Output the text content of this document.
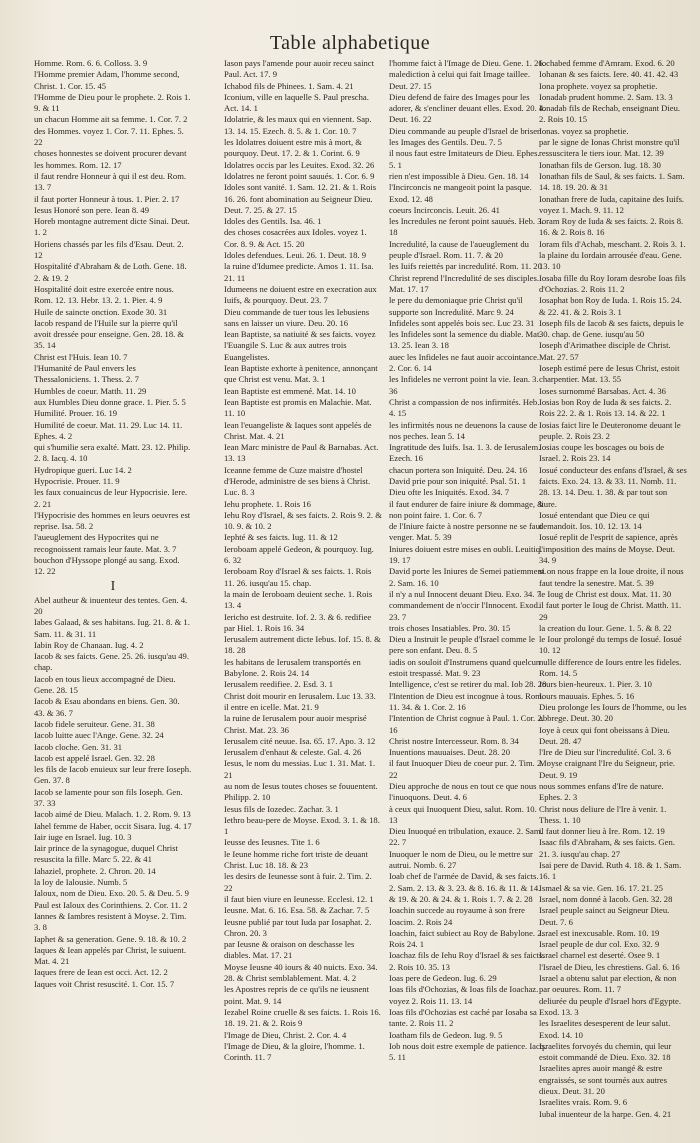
Table alphabetique
Homme. Rom. 6. 6. Colloss. 3. 9
l'Homme premier Adam, l'homme second, Christ. 1. Cor. 15. 45
l'Homme de Dieu pour le prophete. 2. Rois 1. 9. & 11
un chacun Homme ait sa femme. 1. Cor. 7. 2
des Hommes. voyez 1. Cor. 7. 11. Ephes. 5. 22
choses honnestes se doivent procurer devant les hommes. Rom. 12. 17
il faut rendre Honneur à qui il est deu. Rom. 13. 7
il faut porter Honneur à tous. 1. Pier. 2. 17
Iesus Honoré son pere. Iean 8. 49
Horeb montagne autrement dicte Sinai. Deut. 1. 2
Horiens chassés par les fils d'Esau. Deut. 2. 12
Hospitalité d'Abraham & de Loth. Gene. 18. 2. & 19. 2
Hospitalité doit estre exercée entre nous. Rom. 12. 13. Hebr. 13. 2. 1. Pier. 4. 9
Huile de saincte onction. Exode 30. 31
Iacob respand de l'Huile sur la pierre qu'il avoit dressée pour enseigne. Gen. 28. 18. & 35. 14
Christ est l'Huis. Iean 10. 7
l'Humanité de Paul envers les Thessaloniciens. 1. Thess. 2. 7
Humbles de coeur. Matth. 11. 29
aux Humbles Dieu donne grace. 1. Pier. 5. 5
Humilité. Prouer. 16. 19
Humilité de coeur. Mat. 11. 29. Luc 14. 11. Ephes. 4. 2
qui s'humilie sera exalté. Matt. 23. 12. Philip. 2. 8. Iacq. 4. 10
Hydropique gueri. Luc 14. 2
Hypocrisie. Prouer. 11. 9
les faux conuaincus de leur Hypocrisie. Iere. 2. 21
l'Hypocrisie des hommes en leurs oeuvres est reprise. Isa. 58. 2
l'aueuglement des Hypocrites qui ne recognoissent ramais leur faute. Mat. 3. 7
bouchon d'Hyssope plongé au sang. Exod. 12. 22
I
Abel autheur & inuenteur des tentes. Gen. 4. 20
Iabes Galaad, & ses habitans. Iug. 21. 8. & 1. Sam. 11. & 31. 11
Iabin Roy de Chanaan. Iug. 4. 2
Iacob & ses faicts. Gene. 25. 26. iusqu'au 49. chap.
Iacob en tous lieux accompagné de Dieu. Gene. 28. 15
Iacob & Esau abondans en biens. Gen. 30. 43. & 36. 7
Iacob fidele seruiteur. Gene. 31. 38
Iacob luitte auec l'Ange. Gene. 32. 24
Iacob cloche. Gen. 31. 31
Iacob est appelé Israel. Gen. 32. 28
les fils de Iacob enuieux sur leur frere Ioseph. Gen. 37. 8
Iacob se lamente pour son fils Ioseph. Gen. 37. 33
Iacob aimé de Dieu. Malach. 1. 2. Rom. 9. 13
Iahel femme de Haber, occit Sisara. Iug. 4. 17
Iair iuge en Israel. Iug. 10. 3
Iair prince de la synagogue, duquel Christ resuscita la fille. Marc 5. 22. & 41
Iahaziel, prophete. 2. Chron. 20. 14
la loy de Ialousie. Numb. 5
Ialoux, nom de Dieu. Exo. 20. 5. & Deu. 5. 9
Paul est Ialoux des Corinthiens. 2. Cor. 11. 2
Iannes & Iambres resistent à Moyse. 2. Tim. 3. 8
Iaphet & sa generation. Gene. 9. 18. & 10. 2
Iaques & Iean appelés par Christ, le suiuent. Mat. 4. 21
Iaques frere de Iean est occi. Act. 12. 2
Iaques voit Christ resuscité. 1. Cor. 15. 7
Iason pays l'amende pour auoir receu sainct Paul. Act. 17. 9
Ichabod fils de Phinees. 1. Sam. 4. 21
Iconium, ville en laquelle S. Paul prescha. Act. 14. 1
Idolatrie, & les maux qui en viennent. Sap. 13. 14. 15. Ezech. 8. 5. & 1. Cor. 10. 7
les Idolatres doiuent estre mis à mort, & pourquoy. Deut. 17. 2. & 1. Corint. 6. 9
Idolatres occis par les Leuites. Exod. 32. 26
Idolatres ne feront point sauués. 1. Cor. 6. 9
Idoles sont vanité. 1. Sam. 12. 21. & 1. Rois 16. 26. font abomination au Seigneur Dieu. Deut. 7. 25. & 27. 15
Idoles des Gentils. Isa. 46. 1
des choses cosacrées aux Idoles. voyez 1. Cor. 8. 9. & Act. 15. 20
Idoles defendues. Leui. 26. 1. Deut. 18. 9
la ruine d'Idumee predicte. Amos 1. 11. Isa. 21. 11
Idumeens ne doiuent estre en execration aux Iuifs, & pourquoy. Deut. 23. 7
Dieu commande de tuer tous les Iebusiens sans en laisser un viure. Deu. 20. 16
Iean Baptiste, sa natiuité & ses faicts. voyez l'Euangile S. Luc & aux autres trois Euangelistes.
Iean Baptiste exhorte à penitence, annonçant que Christ est venu. Mat. 3. 1
Iean Baptiste est emmené. Mat. 14. 10
Iean Baptiste est promis en Malachie. Mat. 11. 10
Iean l'euangeliste & Iaques sont appelés de Christ. Mat. 4. 21
Iean Marc ministre de Paul & Barnabas. Act. 13. 13
Iceanne femme de Cuze maistre d'hostel d'Herode, administre de ses biens à Christ. Luc. 8. 3
Iehu prophete. 1. Rois 16
Iehu Roy d'Israel, & ses faicts. 2. Rois 9. 2. & 10. 9. & 10. 2
Iephté & ses faicts. Iug. 11. & 12
Ieroboam appelé Gedeon, & pourquoy. Iug. 6. 32
Ieroboam Roy d'Israel & ses faicts. 1. Rois 11. 26. iusqu'au 15. chap.
la main de Ieroboam deuient seche. 1. Rois 13. 4
Iericho est destruite. Iof. 2. 3. & 6. redifiee par Hiel. 1. Rois 16. 34
Ierusalem autrement dicte Iebus. Iof. 15. 8. & 18. 28
les habitans de Ierusalem transportés en Babylone. 2. Rois 24. 14
Ierusalem reedifiee. 2. Esd. 3. 1
Christ doit mourir en Ierusalem. Luc 13. 33. il entre en icelle. Mat. 21. 9
la ruine de Ierusalem pour auoir mesprisé Christ. Mat. 23. 36
Ierusalem cité neuue. Isa. 65. 17. Apo. 3. 12
Ierusalem d'enhaut & celeste. Gal. 4. 26
Iesus, le nom du messias. Luc 1. 31. Mat. 1. 21
au nom de Iesus toutes choses se fouuentent. Philipp. 2. 10
Iesus fils de Iozedec. Zachar. 3. 1
Iethro beau-pere de Moyse. Exod. 3. 1. & 18. 1
Ieusse des Ieusnes. Tite 1. 6
le Ieune homme riche fort triste de deuant Christ. Luc 18. 18. & 23
les desirs de Ieunesse sont à fuir. 2. Tim. 2. 22
il faut bien viure en Ieunesse. Ecclesi. 12. 1
Ieusne. Mat. 6. 16. Esa. 58. & Zachar. 7. 5
Ieusne publié par tout Iuda par Iosaphat. 2. Chron. 20. 3
par Ieusne & oraison on deschasse les diables. Mat. 17. 21
Moyse Ieusne 40 iours & 40 nuicts. Exo. 34. 28. & Christ semblablement. Mat. 4. 2
les Apostres repris de ce qu'ils ne ieusnent point. Mat. 9. 14
Iezabel Roine cruelle & ses faicts. 1. Rois 16. 18. 19. 21. & 2. Rois 9
l'Image de Dieu, Christ. 2. Cor. 4. 4
l'Image de Dieu, & la gloire, l'homme. 1. Corinth. 11. 7
l'homme faict à l'Image de Dieu. Gene. 1. 26. malediction à celui qui fait Image taillee. Deut. 27. 15
Dieu defend de faire des Images pour les adorer, & s'encliner deuant elles. Exod. 20. 4. Deut. 16. 22
Dieu commande au peuple d'Israel de briser les Images des Gentils. Deu. 7. 5
il nous faut estre Imitateurs de Dieu. Ephes. 5. 1
rien n'est impossible à Dieu. Gen. 18. 14
l'Incirconcis ne mangeoit point la pasque. Exod. 12. 48
coeurs Incirconcis. Leuit. 26. 41
les Incredules ne feront point sauués. Heb. 3. 18
Incredulité, la cause de l'aueuglement du peuple d'Israel. Rom. 11. 7. & 20
les Iuifs reiettés par incredulité. Rom. 11. 20
Christ reprend l'Incredulité de ses disciples. Mat. 17. 17
le pere du demoniaque prie Christ qu'il supporte son Incredulité. Marc 9. 24
Infideles sont appelés bois sec. Luc 23. 31
les Infideles sont la semence du diable. Mat. 13. 25. Iean 3. 18
auec les Infideles ne faut auoir accointance. 2. Cor. 6. 14
les Infideles ne verront point la vie. Iean. 3. 36
Christ a compassion de nos infirmités. Heb. 4. 15
les infirmités nous ne deuenons la cause de nos peches. Iean 5. 14
Ingratitude des Iuifs. Isa. 1. 3. de Ierusalem. Ezech. 16
chacun portera son Iniquité. Deu. 24. 16
David prie pour son iniquité. Psal. 51. 1
Dieu ofte les Iniquités. Exod. 34. 7
il faut endurer de faire iniure & dommage, & non point faire. 1. Cor. 6. 7
de l'Iniure faicte à nostre personne ne se faut venger. Mat. 5. 39
Iniures doiuent estre mises en oubli. Leuitiq. 19. 17
David porte les Iniures de Semei patiemment. 2. Sam. 16. 10
il n'y a nul Innocent deuant Dieu. Exo. 34. 7
commandement de n'occir l'Innocent. Exod. 23. 7
trois choses Insatiables. Pro. 30. 15
Dieu a Instruit le peuple d'Israel comme le pere son enfant. Deu. 8. 5
iadis on souloit d'Instrumens quand quelcun estoit trespassé. Mat. 9. 23
Intelligence, c'est se retirer du mal. Iob 28. 28
l'Intention de Dieu est incognue à tous. Rom. 11. 34. & 1. Cor. 2. 16
l'Intention de Christ cognue à Paul. 1. Cor. 2. 16
Christ nostre Intercesseur. Rom. 8. 34
Inuentions mauuaises. Deut. 28. 20
il faut Inuoquer Dieu de coeur pur. 2. Tim. 2. 22
Dieu approche de nous en tout ce que nous l'inuoquons. Deut. 4. 6
à ceux qui Inuoquent Dieu, salut. Rom. 10. 13
Dieu Inuoqué en tribulation, exauce. 2. Sam. 22. 7
Inuoquer le nom de Dieu, ou le mettre sur autrui. Nomb. 6. 27
Ioab chef de l'armée de David, & ses faicts. 2. Sam. 2. 13. & 3. 23. & 8. 16. & 11. & 14. & 19. & 20. & 24. & 1. Rois 1. 7. & 2. 28
Ioachin succede au royaume à son frere Ioacim. 2. Rois 24
Ioachin, faict subiect au Roy de Babylone. 2. Rois 24. 1
Ioachaz fils de Iehu Roy d'Israel & ses faicts. 2. Rois 10. 35. 13
Ioas pere de Gedeon. Iug. 6. 29
Ioas fils d'Ochozias, & Ioas fils de Ioachaz. voyez 2. Rois 11. 13. 14
Ioas fils d'Ochozias est caché par Iosaba sa tante. 2. Rois 11. 2
Ioatham fils de Gedeon. Iug. 9. 5
Iob nous doit estre exemple de patience. Iacq. 5. 11
Iochabed femme d'Amram. Exod. 6. 20
Iohanan & ses faicts. Iere. 40. 41. 42. 43
Iona prophete. voyez sa prophetie.
Ionadab prudent homme. 2. Sam. 13. 3
Ionadab fils de Rechab, enseignant Dieu. 2. Rois 10. 15
Ionas. voyez sa prophetie.
par le signe de Ionas Christ monstre qu'il ressuscitera le tiers iour. Mat. 12. 39
Ionathan fils de Gerson. Iug. 18. 30
Ionathan fils de Saul, & ses faicts. 1. Sam. 14. 18. 19. 20. & 31
Ionathan frere de Iuda, capitaine des Iuifs. voyez 1. Mach. 9. 11. 12
Ioram Roy de Iuda & ses faicts. 2. Rois 8. 16. & 2. Rois 8. 16
Ioram fils d'Achab, meschant. 2. Rois 3. 1. la plaine du Iordain arrousée d'eau. Gene. 13. 10
Iosaba fille du Roy Ioram desrobe Ioas fils d'Ochozias. 2. Rois 11. 2
Iosaphat bon Roy de Iuda. 1. Rois 15. 24. & 22. 41. & 2. Rois 3. 1
Ioseph fils de Iacob & ses faicts, depuis le 30. chap. de Gene. iusqu'au 50
Ioseph d'Arimathee disciple de Christ. Mat. 27. 57
Ioseph estimé pere de Iesus Christ, estoit charpentier. Mat. 13. 55
Ioses surnommé Barsabas. Act. 4. 36
Iosias bon Roy de Iuda & ses faicts. 2. Rois 22. 2. & 1. Rois 13. 14. & 22. 1
Iosias faict lire le Deuteronome deuant le peuple. 2. Rois 23. 2
Iosias coupe les boscages ou bois de Israel. 2. Rois 23. 14
Iosué conducteur des enfans d'Israel, & ses faicts. Exo. 24. 13. & 33. 11. Nomb. 11. 28. 13. 14. Deu. 1. 38. & par tout son liure.
Iosué entendant que Dieu ce qui demandoit. Ios. 10. 12. 13. 14
Iosué replit de l'esprit de sapience, après l'imposition des mains de Moyse. Deut. 34. 9
si on nous frappe en la Ioue droite, il nous faut tendre la senestre. Mat. 5. 39
le Ioug de Christ est doux. Mat. 11. 30
il faut porter le Ioug de Christ. Matth. 11. 29
la creation du Iour. Gene. 1. 5. & 8. 22
le Iour prolongé du temps de Iosué. Iosué 10. 12
nulle difference de Iours entre les fideles. Rom. 14. 5
Iours bien-heureux. 1. Pier. 3. 10
Iours mauuais. Ephes. 5. 16
Dieu prolonge les Iours de l'homme, ou les abbrege. Deut. 30. 20
Ioye à ceux qui font obeissans à Dieu. Deut. 28. 47
l'Ire de Dieu sur l'incredulité. Col. 3. 6
Moyse craignant l'Ire du Seigneur, prie. Deut. 9. 19
nous sommes enfans d'Ire de nature. Ephes. 2. 3
Christ nous deliure de l'Ire à venir. 1. Thess. 1. 10
il faut donner lieu à Ire. Rom. 12. 19
Isaac fils d'Abraham, & ses faicts. Gen. 21. 3. iusqu'au chap. 27
Isai pere de David. Ruth 4. 18. & 1. Sam. 16. 1
Ismael & sa vie. Gen. 16. 17. 21. 25
Israel, nom donné à Iacob. Gen. 32. 28
Israel peuple sainct au Seigneur Dieu. Deut. 7. 6
Israel est inexcusable. Rom. 10. 19
Israel peuple de dur col. Exo. 32. 9
Israel charnel est deserté. Osee 9. 1
l'Israel de Dieu, les chrestiens. Gal. 6. 16
Israel a obtenu salut par election, & non par oeuures. Rom. 11. 7
deliurée du peuple d'Israel hors d'Egypte. Exod. 13. 3
les Israelites desesperent de leur salut. Exod. 14. 10
Israelites forvoyés du chemin, qui leur estoit commandé de Dieu. Exo. 32. 18
Israelites apres auoir mangé & estre engraissés, se sont tournés aux autres dieux. Deut. 31. 20
Israelites vrais. Rom. 9. 6
Iubal inuenteur de la harpe. Gen. 4. 21
